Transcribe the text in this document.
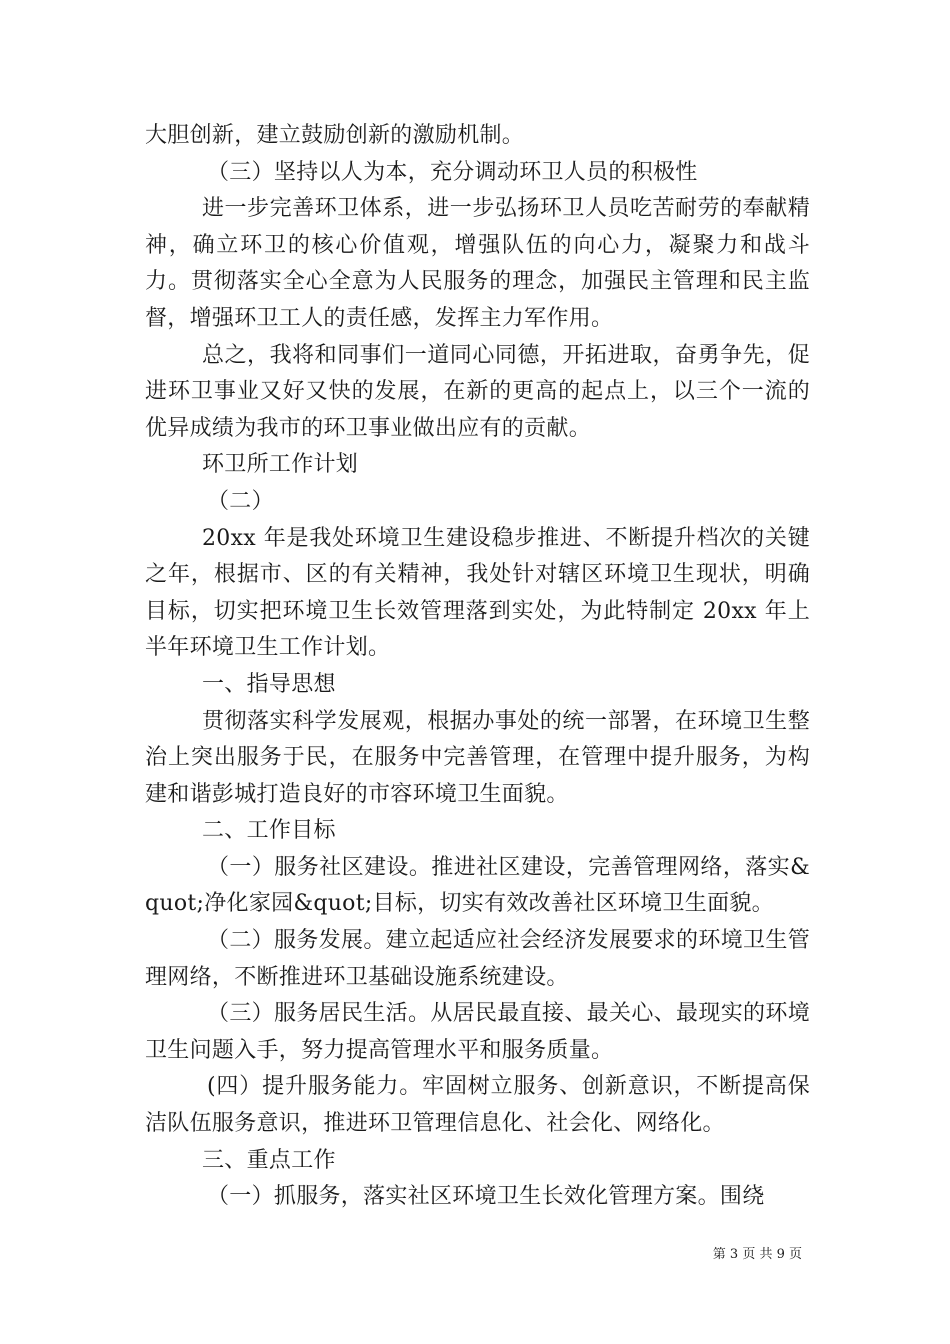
大胆创新，建立鼓励创新的激励机制。

（三）坚持以人为本，充分调动环卫人员的积极性

进一步完善环卫体系，进一步弘扬环卫人员吃苦耐劳的奉献精神，确立环卫的核心价值观，增强队伍的向心力，凝聚力和战斗力。贯彻落实全心全意为人民服务的理念，加强民主管理和民主监督，增强环卫工人的责任感，发挥主力军作用。

总之，我将和同事们一道同心同德，开拓进取，奋勇争先，促进环卫事业又好又快的发展，在新的更高的起点上，以三个一流的优异成绩为我市的环卫事业做出应有的贡献。

环卫所工作计划

（二）

20xx 年是我处环境卫生建设稳步推进、不断提升档次的关键之年，根据市、区的有关精神，我处针对辖区环境卫生现状，明确目标，切实把环境卫生长效管理落到实处，为此特制定 20xx 年上半年环境卫生工作计划。

一、指导思想

贯彻落实科学发展观，根据办事处的统一部署，在环境卫生整治上突出服务于民，在服务中完善管理，在管理中提升服务，为构建和谐彭城打造良好的市容环境卫生面貌。

二、工作目标

（一）服务社区建设。推进社区建设，完善管理网络，落实&quot;净化家园&quot;目标，切实有效改善社区环境卫生面貌。

（二）服务发展。建立起适应社会经济发展要求的环境卫生管理网络，不断推进环卫基础设施系统建设。

（三）服务居民生活。从居民最直接、最关心、最现实的环境卫生问题入手，努力提高管理水平和服务质量。

(四）提升服务能力。牢固树立服务、创新意识，不断提高保洁队伍服务意识，推进环卫管理信息化、社会化、网络化。

三、重点工作

（一）抓服务，落实社区环境卫生长效化管理方案。围绕

第 3 页 共 9 页
